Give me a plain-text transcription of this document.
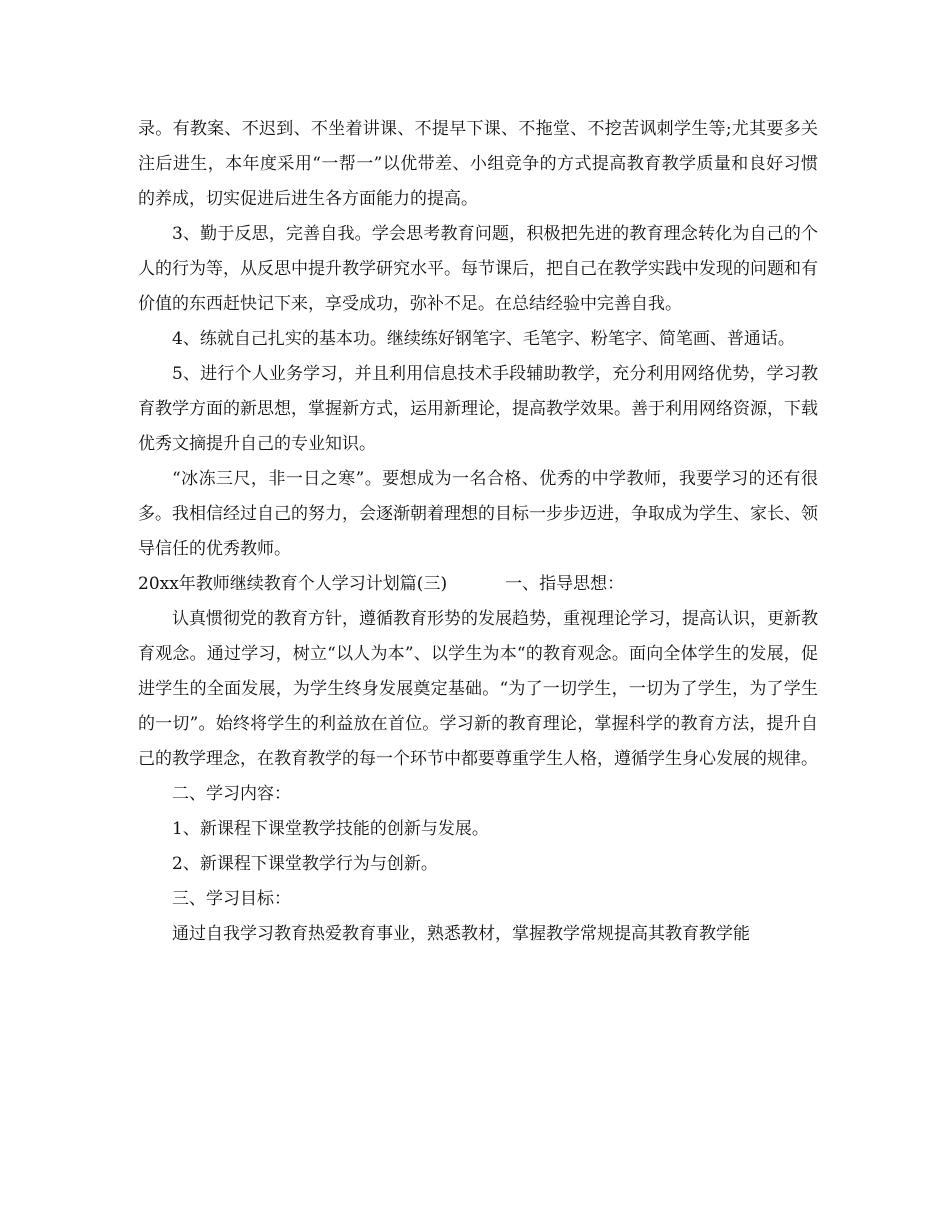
录。有教案、不迟到、不坐着讲课、不提早下课、不拖堂、不挖苦讽刺学生等;尤其要多关注后进生，本年度采用“一帮一”以优带差、小组竞争的方式提高教育教学质量和良好习惯的养成，切实促进后进生各方面能力的提高。

3、勤于反思，完善自我。学会思考教育问题，积极把先进的教育理念转化为自己的个人的行为等，从反思中提升教学研究水平。每节课后，把自己在教学实践中发现的问题和有价值的东西赶快记下来，享受成功，弥补不足。在总结经验中完善自我。

4、练就自己扎实的基本功。继续练好钢笔字、毛笔字、粉笔字、简笔画、普通话。

5、进行个人业务学习，并且利用信息技术手段辅助教学，充分利用网络优势，学习教育教学方面的新思想，掌握新方式，运用新理论，提高教学效果。善于利用网络资源，下载优秀文摘提升自己的专业知识。

“冰冻三尺，非一日之寒”。要想成为一名合格、优秀的中学教师，我要学习的还有很多。我相信经过自己的努力，会逐渐朝着理想的目标一步步迈进，争取成为学生、家长、领导信任的优秀教师。

20xx年教师继续教育个人学习计划篇(三)	一、指导思想：

认真惯彻党的教育方针，遵循教育形势的发展趋势，重视理论学习，提高认识，更新教育观念。通过学习，树立“以人为本”、以学生为本“的教育观念。面向全体学生的发展，促进学生的全面发展，为学生终身发展奠定基础。“为了一切学生，一切为了学生，为了学生的一切”。始终将学生的利益放在首位。学习新的教育理论，掌握科学的教育方法，提升自己的教学理念，在教育教学的每一个环节中都要尊重学生人格，遵循学生身心发展的规律。

二、学习内容：

1、新课程下课堂教学技能的创新与发展。

2、新课程下课堂教学行为与创新。

三、学习目标：

通过自我学习教育热爱教育事业，熟悉教材，掌握教学常规提高其教育教学能
